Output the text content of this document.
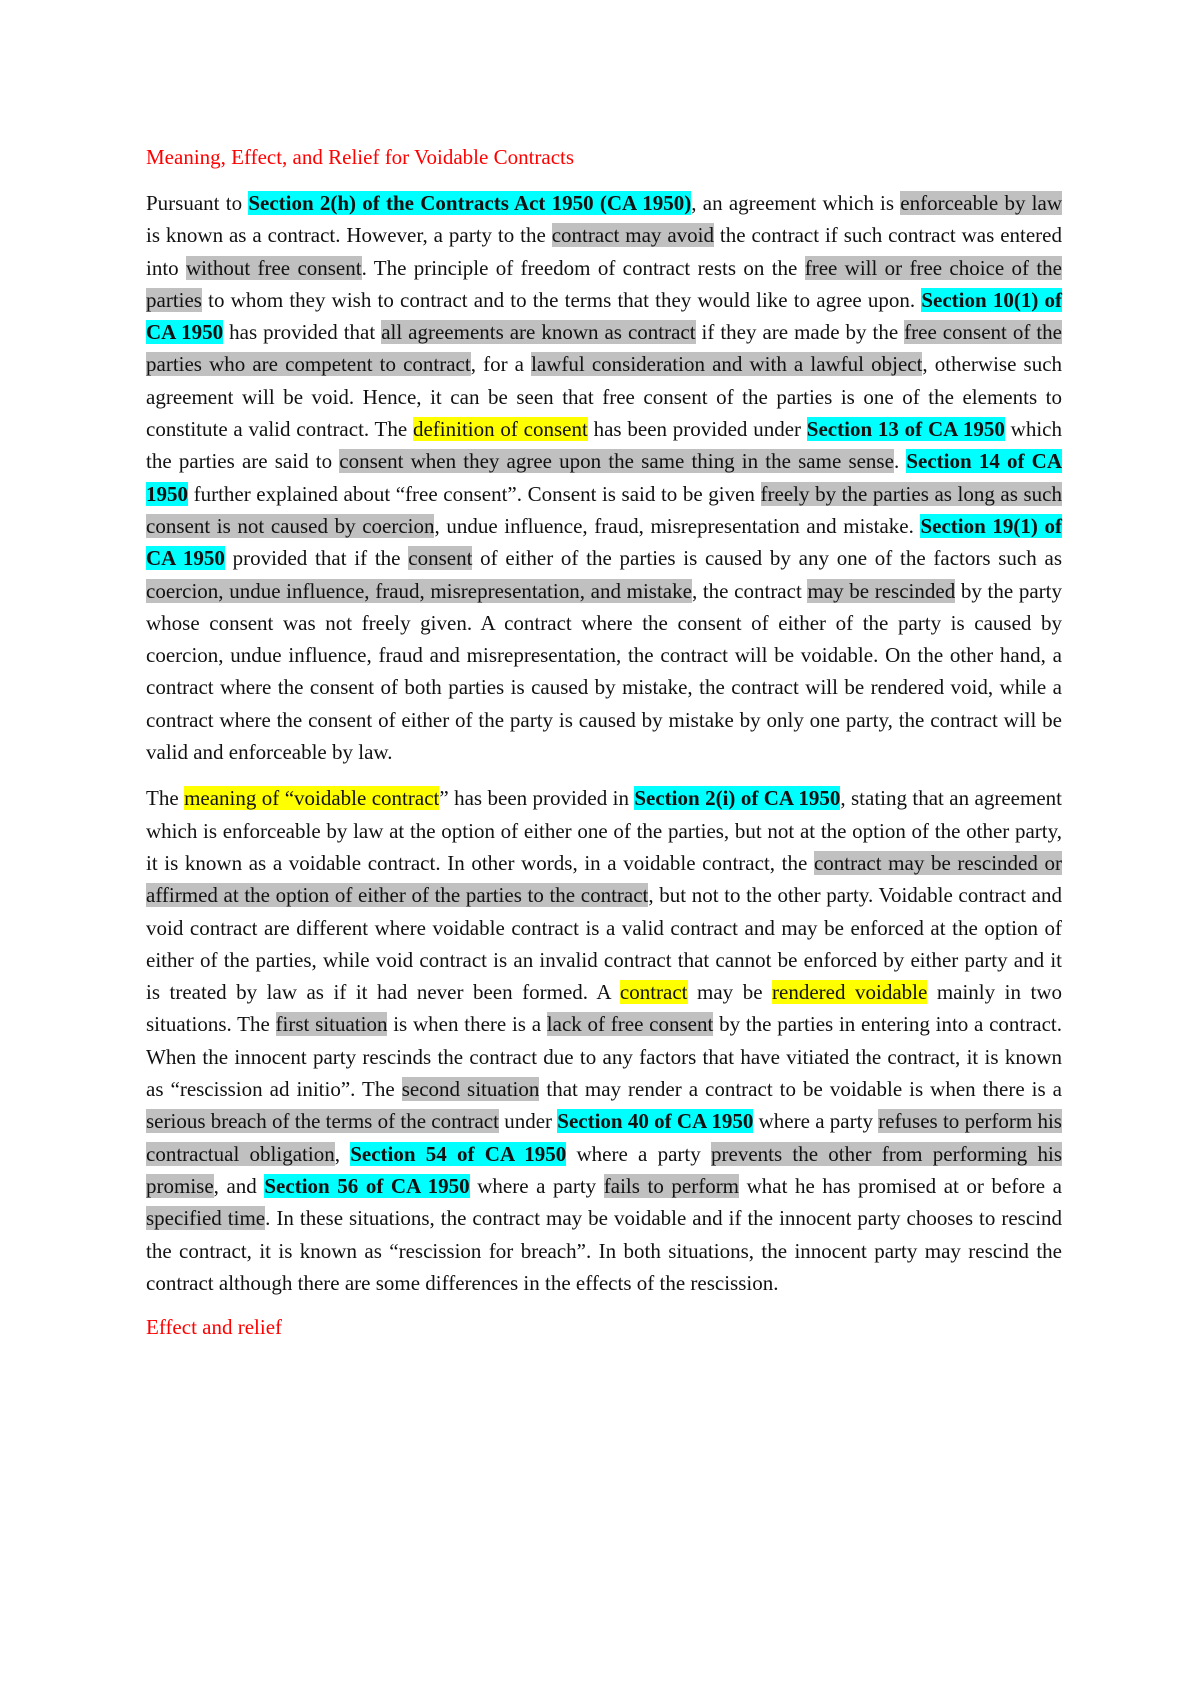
Meaning, Effect, and Relief for Voidable Contracts

Pursuant to Section 2(h) of the Contracts Act 1950 (CA 1950), an agreement which is enforceable by law is known as a contract. However, a party to the contract may avoid the contract if such contract was entered into without free consent. The principle of freedom of contract rests on the free will or free choice of the parties to whom they wish to contract and to the terms that they would like to agree upon. Section 10(1) of CA 1950 has provided that all agreements are known as contract if they are made by the free consent of the parties who are competent to contract, for a lawful consideration and with a lawful object, otherwise such agreement will be void. Hence, it can be seen that free consent of the parties is one of the elements to constitute a valid contract. The definition of consent has been provided under Section 13 of CA 1950 which the parties are said to consent when they agree upon the same thing in the same sense. Section 14 of CA 1950 further explained about “free consent”. Consent is said to be given freely by the parties as long as such consent is not caused by coercion, undue influence, fraud, misrepresentation and mistake. Section 19(1) of CA 1950 provided that if the consent of either of the parties is caused by any one of the factors such as coercion, undue influence, fraud, misrepresentation, and mistake, the contract may be rescinded by the party whose consent was not freely given. A contract where the consent of either of the party is caused by coercion, undue influence, fraud and misrepresentation, the contract will be voidable. On the other hand, a contract where the consent of both parties is caused by mistake, the contract will be rendered void, while a contract where the consent of either of the party is caused by mistake by only one party, the contract will be valid and enforceable by law.

The meaning of “voidable contract” has been provided in Section 2(i) of CA 1950, stating that an agreement which is enforceable by law at the option of either one of the parties, but not at the option of the other party, it is known as a voidable contract. In other words, in a voidable contract, the contract may be rescinded or affirmed at the option of either of the parties to the contract, but not to the other party. Voidable contract and void contract are different where voidable contract is a valid contract and may be enforced at the option of either of the parties, while void contract is an invalid contract that cannot be enforced by either party and it is treated by law as if it had never been formed. A contract may be rendered voidable mainly in two situations. The first situation is when there is a lack of free consent by the parties in entering into a contract. When the innocent party rescinds the contract due to any factors that have vitiated the contract, it is known as “rescission ad initio”. The second situation that may render a contract to be voidable is when there is a serious breach of the terms of the contract under Section 40 of CA 1950 where a party refuses to perform his contractual obligation, Section 54 of CA 1950 where a party prevents the other from performing his promise, and Section 56 of CA 1950 where a party fails to perform what he has promised at or before a specified time. In these situations, the contract may be voidable and if the innocent party chooses to rescind the contract, it is known as “rescission for breach”. In both situations, the innocent party may rescind the contract although there are some differences in the effects of the rescission.

Effect and relief
